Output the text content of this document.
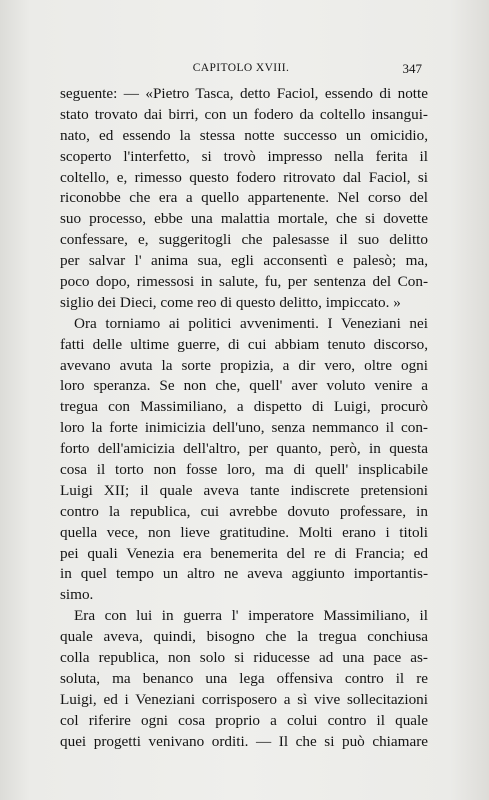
CAPITOLO XVIII.	347
seguente: — «Pietro Tasca, detto Faciol, essendo di notte
stato trovato dai birri, con un fodero da coltello insangui-
nato, ed essendo la stessa notte successo un omicidio,
scoperto l'interfetto, si trovò impresso nella ferita il
coltello, e, rimesso questo fodero ritrovato dal Faciol, si
riconobbe che era a quello appartenente. Nel corso del
suo processo, ebbe una malattia mortale, che si dovette
confessare, e, suggeritogli che palesasse il suo delitto
per salvar l' anima sua, egli acconsentì e palesò; ma,
poco dopo, rimessosi in salute, fu, per sentenza del Con-
siglio dei Dieci, come reo di questo delitto, impiccato. »
Ora torniamo ai politici avvenimenti. I Veneziani nei
fatti delle ultime guerre, di cui abbiam tenuto discorso,
avevano avuta la sorte propizia, a dir vero, oltre ogni
loro speranza. Se non che, quell' aver voluto venire a
tregua con Massimiliano, a dispetto di Luigi, procurò
loro la forte inimicizia dell'uno, senza nemmanco il con-
forto dell'amicizia dell'altro, per quanto, però, in questa
cosa il torto non fosse loro, ma di quell' insplicabile
Luigi XII; il quale aveva tante indiscrete pretensioni
contro la republica, cui avrebbe dovuto professare, in
quella vece, non lieve gratitudine. Molti erano i titoli
pei quali Venezia era benemerita del re di Francia; ed
in quel tempo un altro ne aveva aggiunto importantis-
simo.
Era con lui in guerra l' imperatore Massimiliano, il
quale aveva, quindi, bisogno che la tregua conchiusa
colla republica, non solo si riducesse ad una pace as-
soluta, ma benanco una lega offensiva contro il re
Luigi, ed i Veneziani corrisposero a sì vive sollecitazioni
col riferire ogni cosa proprio a colui contro il quale
quei progetti venivano orditi. — Il che si può chiamare
